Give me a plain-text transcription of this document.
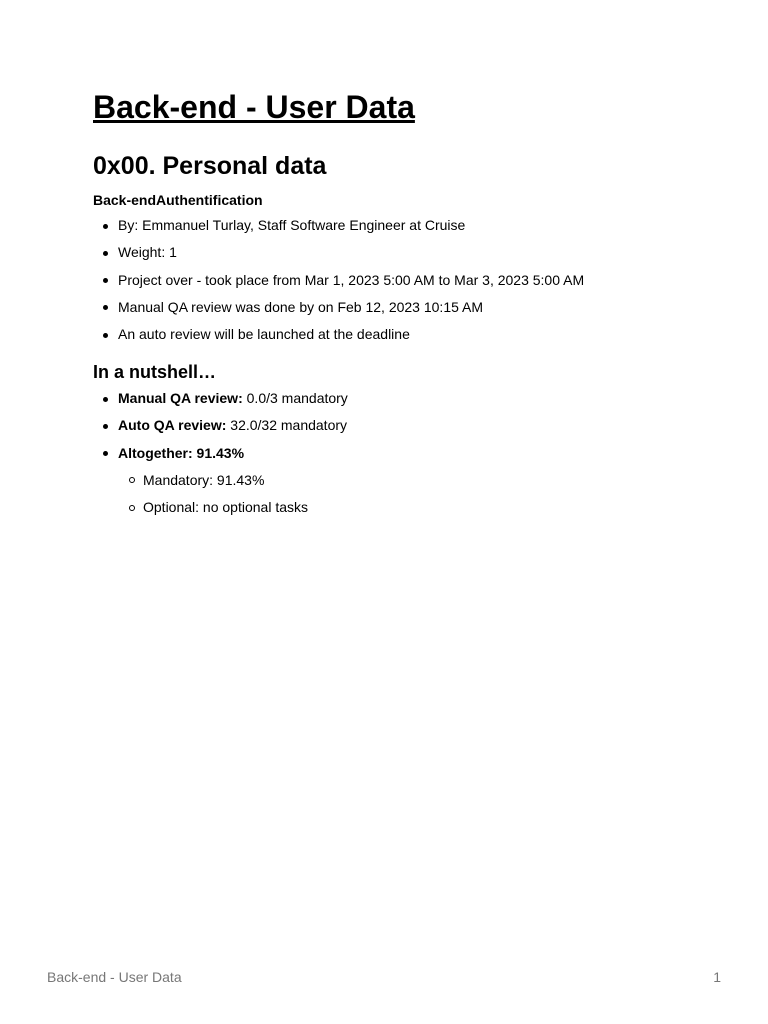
Back-end - User Data
0x00. Personal data
Back-endAuthentification
By: Emmanuel Turlay, Staff Software Engineer at Cruise
Weight: 1
Project over - took place from Mar 1, 2023 5:00 AM to Mar 3, 2023 5:00 AM
Manual QA review was done by on Feb 12, 2023 10:15 AM
An auto review will be launched at the deadline
In a nutshell…
Manual QA review: 0.0/3 mandatory
Auto QA review: 32.0/32 mandatory
Altogether: 91.43%
Mandatory: 91.43%
Optional: no optional tasks
Back-end - User Data	1
